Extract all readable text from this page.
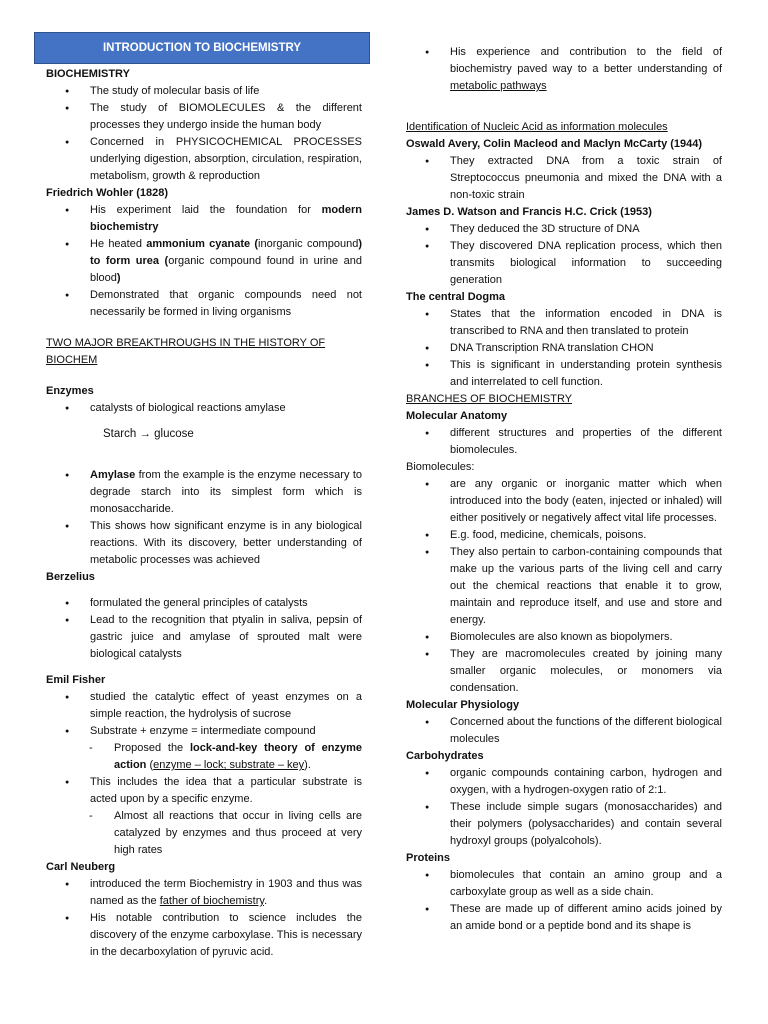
INTRODUCTION TO BIOCHEMISTRY
BIOCHEMISTRY
● The study of molecular basis of life
● The study of BIOMOLECULES & the different processes they undergo inside the human body
● Concerned in PHYSICOCHEMICAL PROCESSES underlying digestion, absorption, circulation, respiration, metabolism, growth & reproduction
Friedrich Wohler (1828)
● His experiment laid the foundation for modern biochemistry
● He heated ammonium cyanate (inorganic compound) to form urea (organic compound found in urine and blood)
● Demonstrated that organic compounds need not necessarily be formed in living organisms
TWO MAJOR BREAKTHROUGHS IN THE HISTORY OF BIOCHEM
Enzymes
● catalysts of biological reactions amylase
Starch → glucose
● Amylase from the example is the enzyme necessary to degrade starch into its simplest form which is monosaccharide.
● This shows how significant enzyme is in any biological reactions. With its discovery, better understanding of metabolic processes was achieved
Berzelius
● formulated the general principles of catalysts
● Lead to the recognition that ptyalin in saliva, pepsin of gastric juice and amylase of sprouted malt were biological catalysts
Emil Fisher
● studied the catalytic effect of yeast enzymes on a simple reaction, the hydrolysis of sucrose
● Substrate + enzyme = intermediate compound
- Proposed the lock-and-key theory of enzyme action (enzyme – lock; substrate – key).
● This includes the idea that a particular substrate is acted upon by a specific enzyme.
- Almost all reactions that occur in living cells are catalyzed by enzymes and thus proceed at very high rates
Carl Neuberg
● introduced the term Biochemistry in 1903 and thus was named as the father of biochemistry.
● His notable contribution to science includes the discovery of the enzyme carboxylase. This is necessary in the decarboxylation of pyruvic acid.
● His experience and contribution to the field of biochemistry paved way to a better understanding of metabolic pathways
Identification of Nucleic Acid as information molecules
Oswald Avery, Colin Macleod and Maclyn McCarty (1944)
● They extracted DNA from a toxic strain of Streptococcus pneumonia and mixed the DNA with a non-toxic strain
James D. Watson and Francis H.C. Crick (1953)
● They deduced the 3D structure of DNA
● They discovered DNA replication process, which then transmits biological information to succeeding generation
The central Dogma
● States that the information encoded in DNA is transcribed to RNA and then translated to protein
● DNA Transcription RNA translation CHON
● This is significant in understanding protein synthesis and interrelated to cell function.
BRANCHES OF BIOCHEMISTRY
Molecular Anatomy
● different structures and properties of the different biomolecules.
Biomolecules:
● are any organic or inorganic matter which when introduced into the body (eaten, injected or inhaled) will either positively or negatively affect vital life processes.
● E.g. food, medicine, chemicals, poisons.
● They also pertain to carbon-containing compounds that make up the various parts of the living cell and carry out the chemical reactions that enable it to grow, maintain and reproduce itself, and use and store and energy.
● Biomolecules are also known as biopolymers.
● They are macromolecules created by joining many smaller organic molecules, or monomers via condensation.
Molecular Physiology
● Concerned about the functions of the different biological molecules
Carbohydrates
● organic compounds containing carbon, hydrogen and oxygen, with a hydrogen-oxygen ratio of 2:1.
● These include simple sugars (monosaccharides) and their polymers (polysaccharides) and contain several hydroxyl groups (polyalcohols).
Proteins
● biomolecules that contain an amino group and a carboxylate group as well as a side chain.
● These are made up of different amino acids joined by an amide bond or a peptide bond and its shape is
